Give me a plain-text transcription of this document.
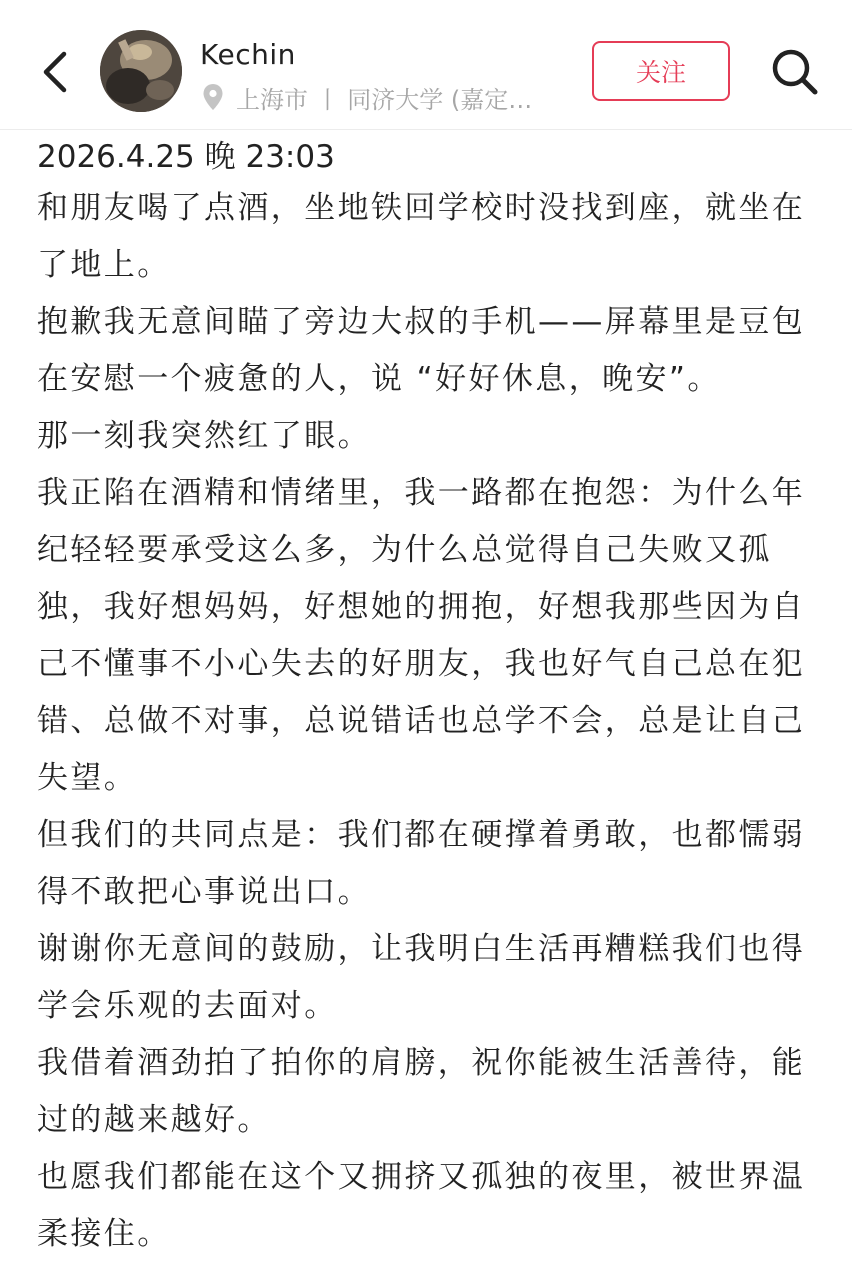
Kechin
上海市 丨 同济大学 (嘉定…
关注

2026.4.25 晚 23:03

和朋友喝了点酒，坐地铁回学校时没找到座，就坐在了地上。

抱歉我无意间瞄了旁边大叔的手机——屏幕里是豆包在安慰一个疲惫的人，说 “好好休息，晚安”。

那一刻我突然红了眼。

我正陷在酒精和情绪里，我一路都在抱怨：为什么年纪轻轻要承受这么多，为什么总觉得自己失败又孤独，我好想妈妈，好想她的拥抱，好想我那些因为自己不懂事不小心失去的好朋友，我也好气自己总在犯错、总做不对事，总说错话也总学不会，总是让自己失望。

但我们的共同点是：我们都在硬撑着勇敢，也都懦弱得不敢把心事说出口。

谢谢你无意间的鼓励，让我明白生活再糟糕我们也得学会乐观的去面对。

我借着酒劲拍了拍你的肩膀，祝你能被生活善待，能过的越来越好。

也愿我们都能在这个又拥挤又孤独的夜里，被世界温柔接住。
